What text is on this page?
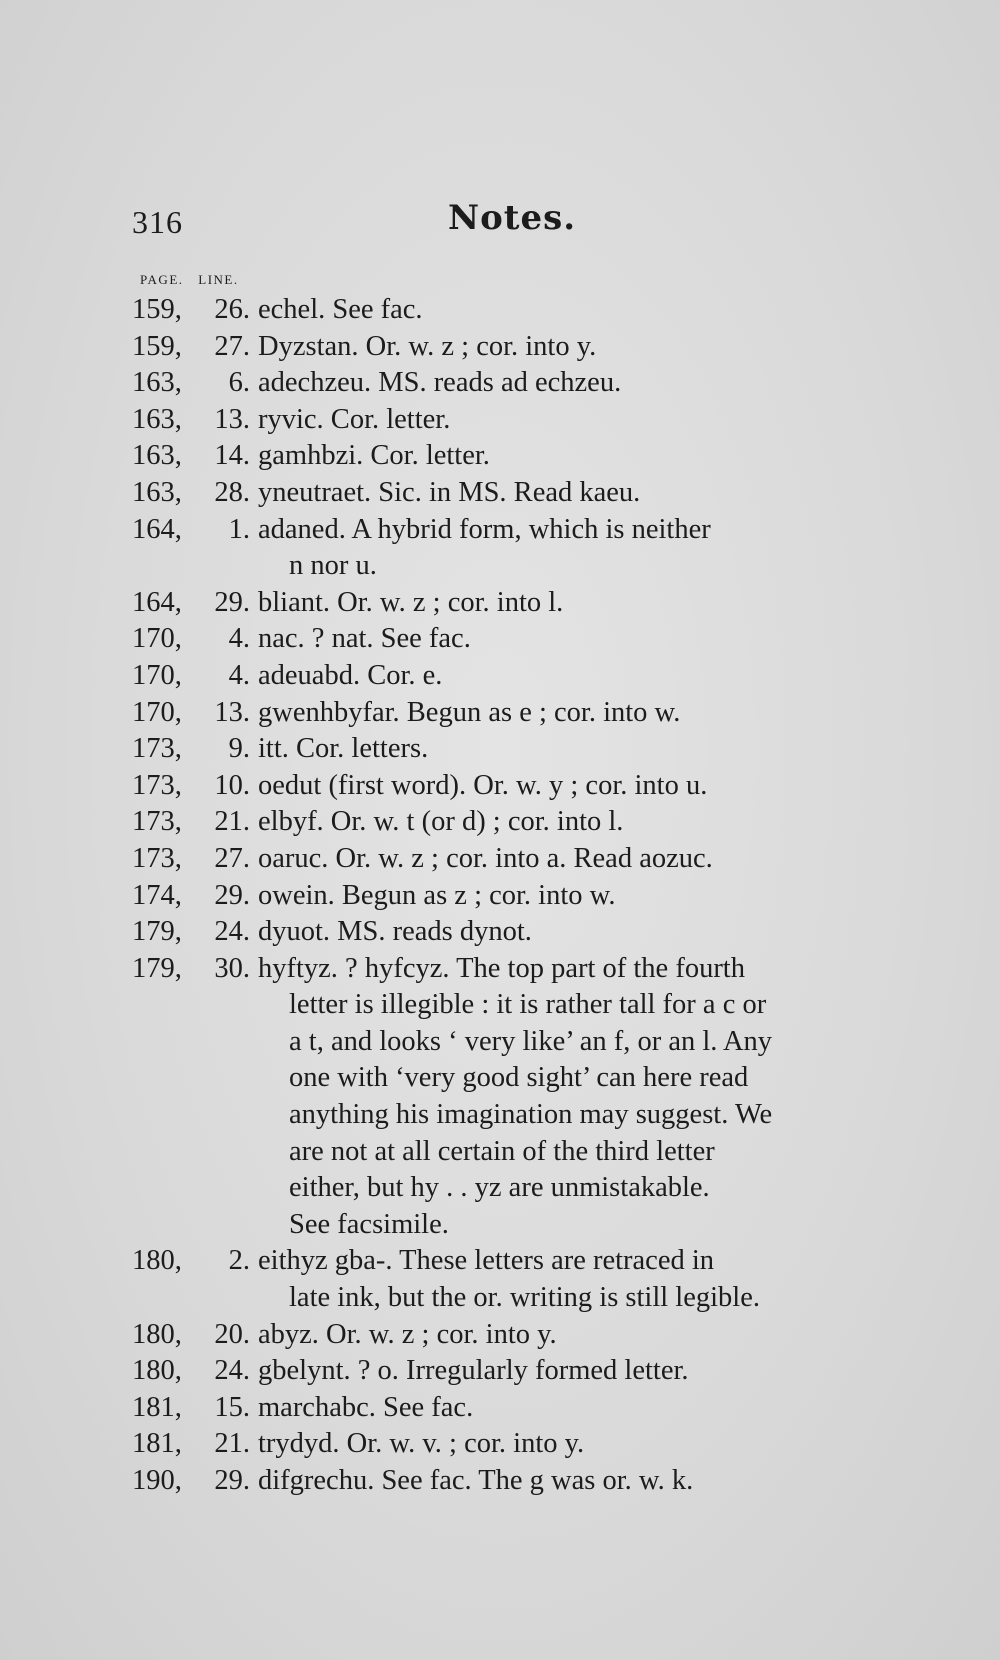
316	Notes.
PAGE. LINE.
159, 26. echel. See fac.
159, 27. Dyzstan. Or. w. z ; cor. into y.
163, 6. adechzeu. MS. reads ad echzeu.
163, 13. ryvic. Cor. letter.
163, 14. gamhbzi. Cor. letter.
163, 28. yneutraet. Sic. in MS. Read kaeu.
164, 1. adaned. A hybrid form, which is neither
n nor u.
164, 29. bliant. Or. w. z ; cor. into l.
170, 4. nac. ? nat. See fac.
170, 4. adeuabd. Cor. e.
170, 13. gwenhbyfar. Begun as e ; cor. into w.
173, 9. itt. Cor. letters.
173, 10. oedut (first word). Or. w. y ; cor. into u.
173, 21. elbyf. Or. w. t (or d) ; cor. into l.
173, 27. oaruc. Or. w. z ; cor. into a. Read aozuc.
174, 29. owein. Begun as z ; cor. into w.
179, 24. dyuot. MS. reads dynot.
179, 30. hyftyz. ? hyfcyz. The top part of the fourth
letter is illegible : it is rather tall for a c or
a t, and looks ‘ very like’ an f, or an l. Any
one with ‘very good sight’ can here read
anything his imagination may suggest. We
are not at all certain of the third letter
either, but hy . . yz are unmistakable.
See facsimile.
180, 2. eithyz gba-. These letters are retraced in
late ink, but the or. writing is still legible.
180, 20. abyz. Or. w. z ; cor. into y.
180, 24. gbelynt. ? o. Irregularly formed letter.
181, 15. marchabc. See fac.
181, 21. trydyd. Or. w. v. ; cor. into y.
190, 29. difgrechu. See fac. The g was or. w. k.
